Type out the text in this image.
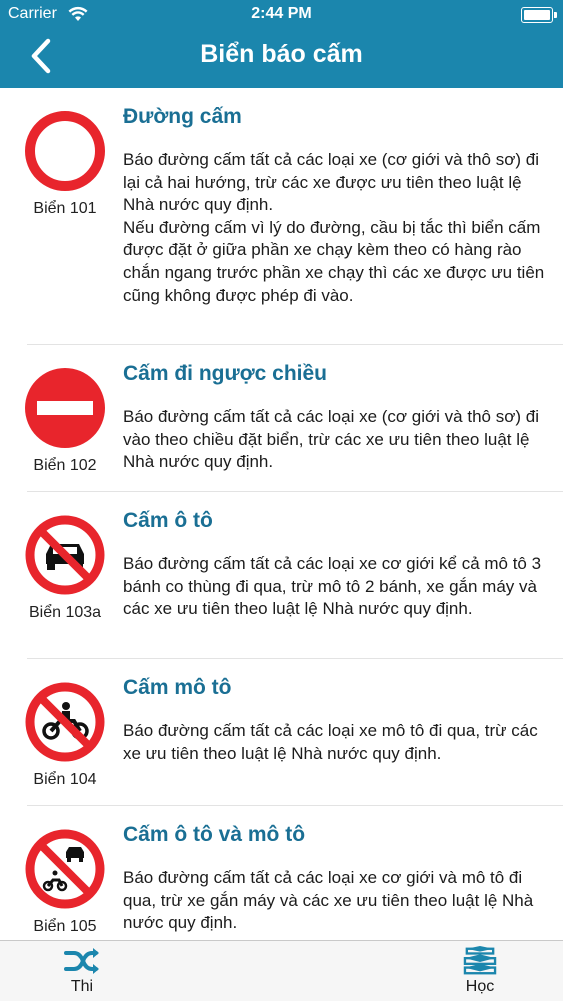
Carrier	2:44 PM
Biển báo cấm
Biển 101
Đường cấm
Báo đường cấm tất cả các loại xe (cơ giới và thô sơ) đi lại cả hai hướng, trừ các xe được ưu tiên theo luật lệ Nhà nước quy định.
Nếu đường cấm vì lý do đường, cầu bị tắc thì biển cấm được đặt ở giữa phần xe chạy kèm theo có hàng rào chắn ngang trước phần xe chạy thì các xe được ưu tiên cũng không được phép đi vào.
Biển 102
Cấm đi ngược chiều
Báo đường cấm tất cả các loại xe (cơ giới và thô sơ) đi vào theo chiều đặt biển, trừ các xe ưu tiên theo luật lệ Nhà nước quy định.
Biển 103a
Cấm ô tô
Báo đường cấm tất cả các loại xe cơ giới kể cả mô tô 3 bánh co thùng đi qua, trừ mô tô 2 bánh, xe gắn máy và các xe ưu tiên theo luật lệ Nhà nước quy định.
Biển 104
Cấm mô tô
Báo đường cấm tất cả các loại xe mô tô đi qua, trừ các xe ưu tiên theo luật lệ Nhà nước quy định.
Biển 105
Cấm ô tô và mô tô
Báo đường cấm tất cả các loại xe cơ giới và mô tô đi qua, trừ xe gắn máy và các xe ưu tiên theo luật lệ Nhà nước quy định.
Thi	Học
